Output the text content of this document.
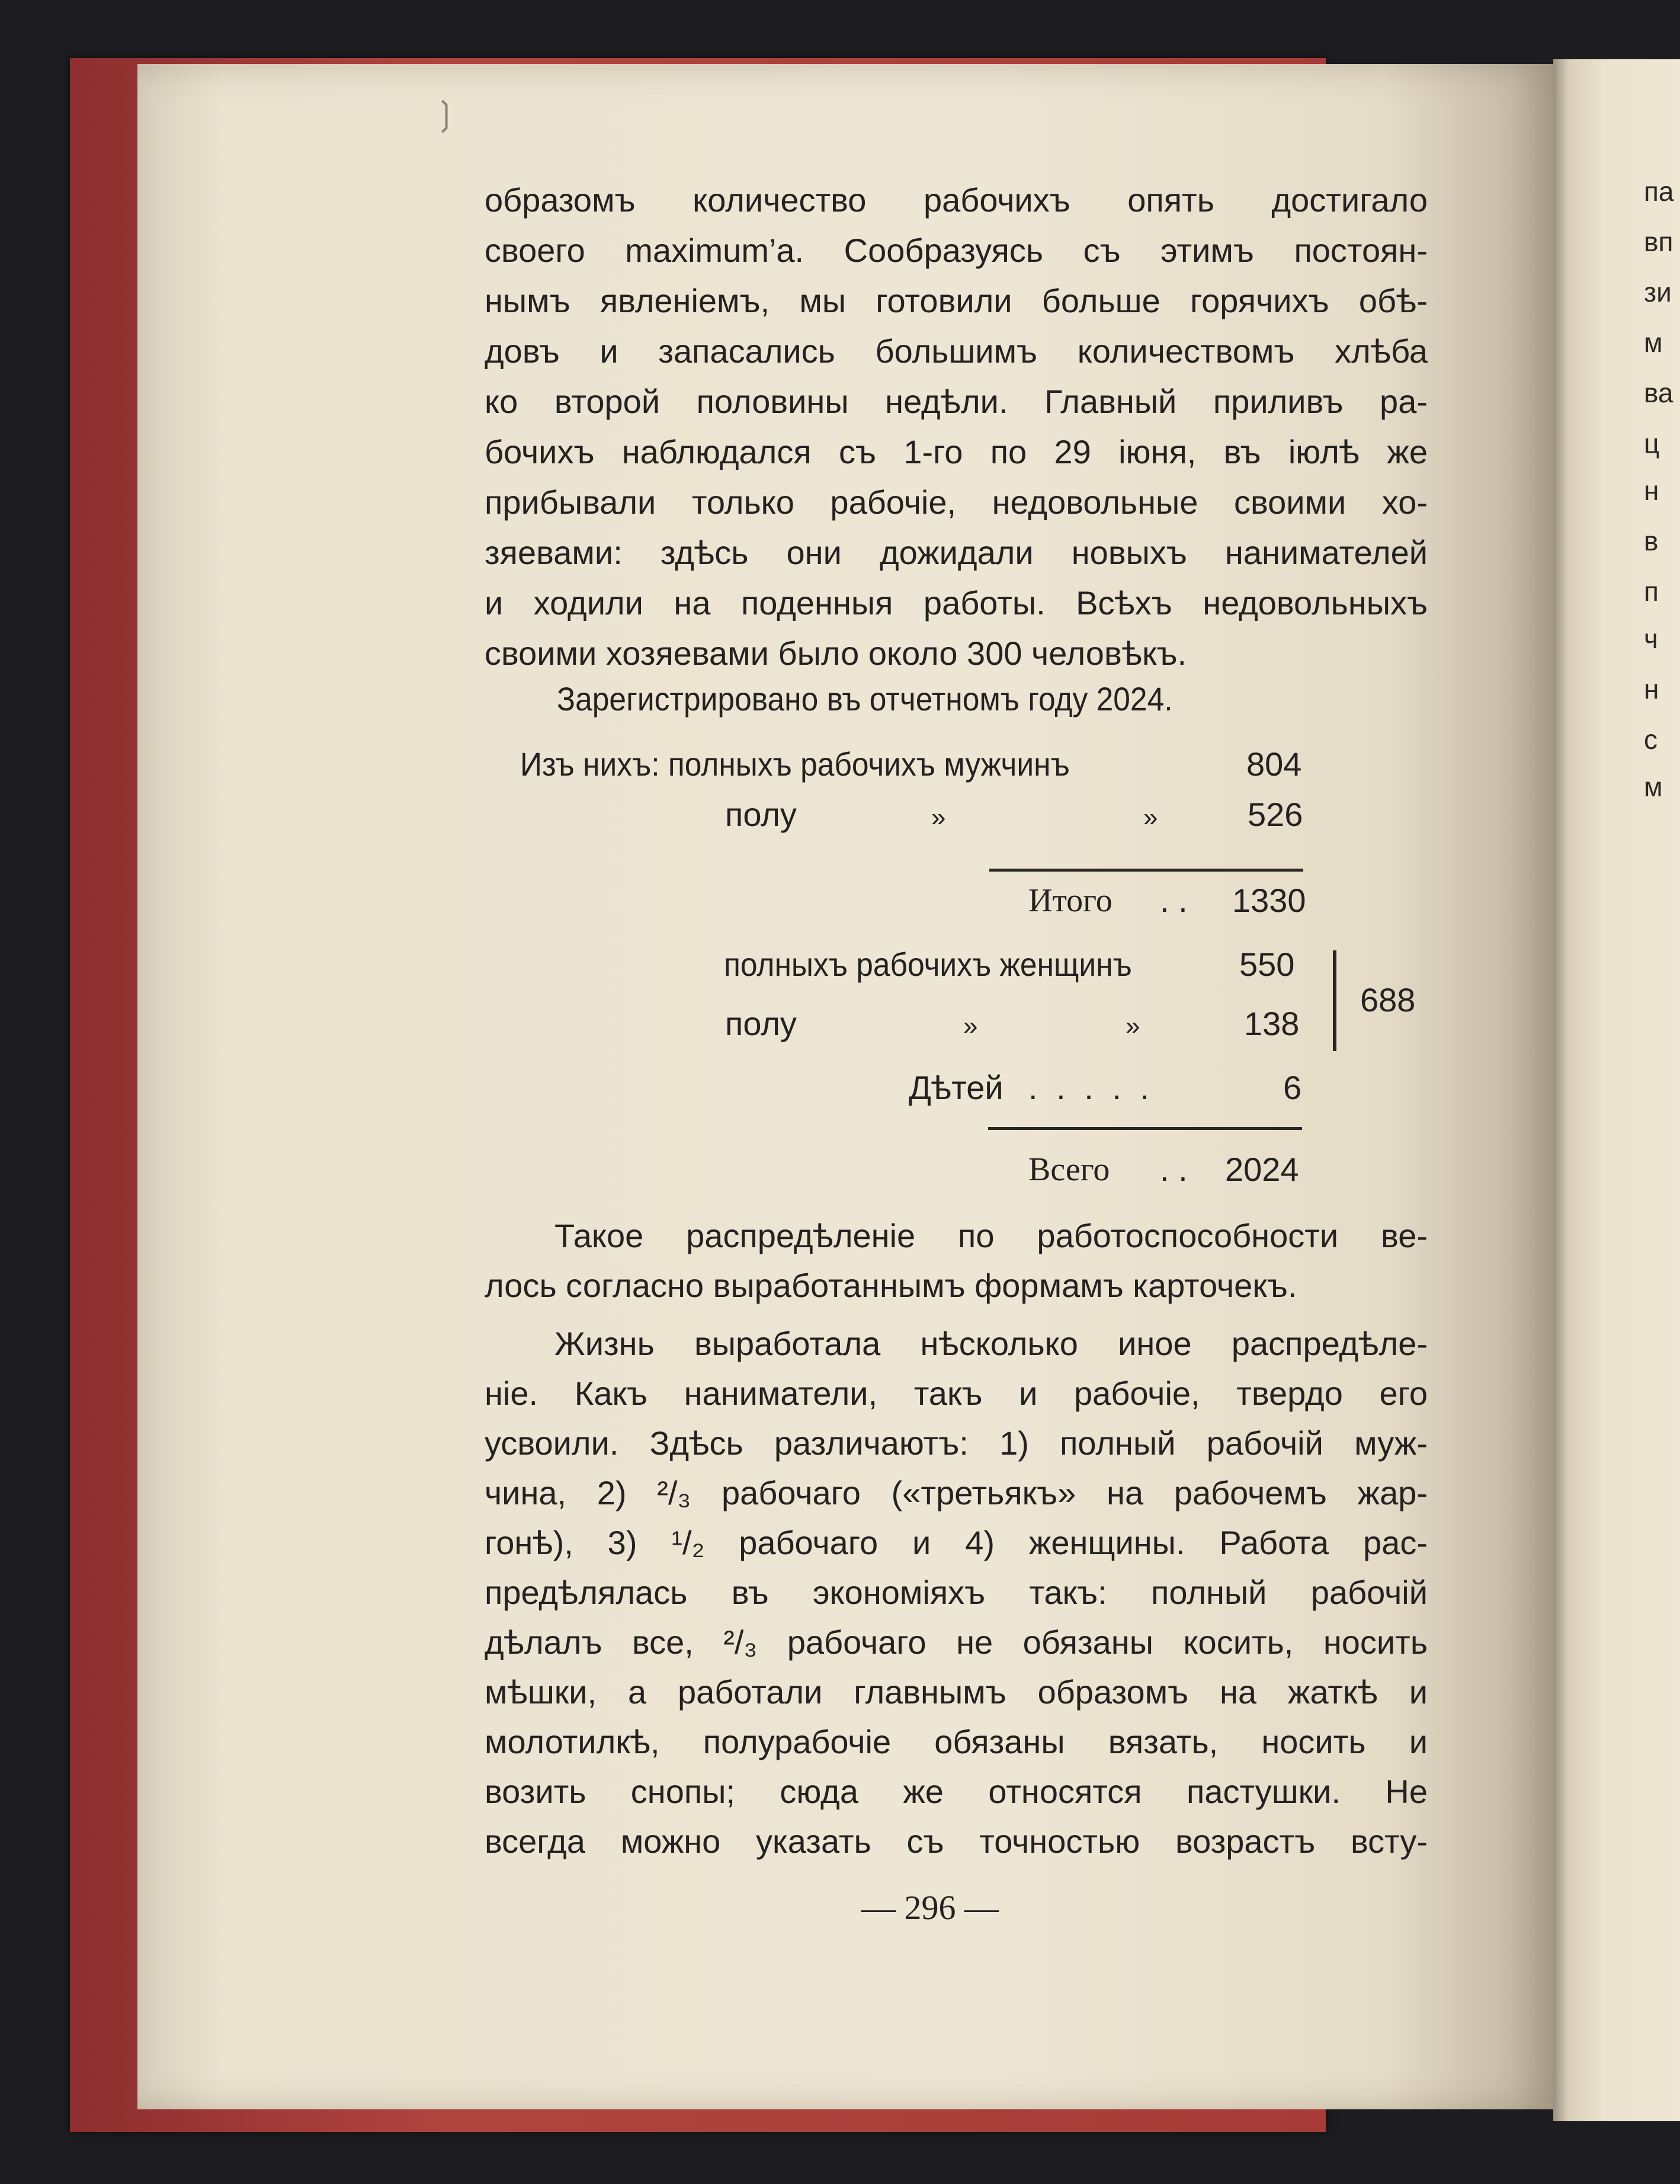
❳
образомъ количество рабочихъ опять достигало
своего maximum’a. Сообразуясь съ этимъ постоян-
нымъ явленіемъ, мы готовили больше горячихъ обѣ-
довъ и запасались большимъ количествомъ хлѣба
ко второй половины недѣли. Главный приливъ ра-
бочихъ наблюдался съ 1-го по 29 іюня, въ іюлѣ же
прибывали только рабочіе, недовольные своими хо-
зяевами: здѣсь они дожидали новыхъ нанимателей
и ходили на поденныя работы. Всѣхъ недовольныхъ
своими хозяевами было около 300 человѣкъ.
Зарегистрировано въ отчетномъ году 2024.
Изъ нихъ: полныхъ рабочихъ мужчинъ	804
полу	»	»	526
Итого . . 1330
полныхъ рабочихъ женщинъ	550
полу	»	»	138
688
Дѣтей . . . . .	6
Всего . . 2024
Такое распредѣленіе по работоспособности ве-
лось согласно выработаннымъ формамъ карточекъ.
Жизнь выработала нѣсколько иное распредѣле-
ніе. Какъ наниматели, такъ и рабочіе, твердо его
усвоили. Здѣсь различаютъ: 1) полный рабочій муж-
чина, 2) ²/₃ рабочаго («третьякъ» на рабочемъ жар-
гонѣ), 3) ¹/₂ рабочаго и 4) женщины. Работа рас-
предѣлялась въ экономіяхъ такъ: полный рабочій
дѣлалъ все, ²/₃ рабочаго не обязаны косить, носить
мѣшки, а работали главнымъ образомъ на жаткѣ и
молотилкѣ, полурабочіе обязаны вязать, носить и
возить снопы; сюда же относятся пастушки. Не
всегда можно указать съ точностью возрастъ всту-
— 296 —
па
вп
зи
м
ва
ц
н
в
п
ч
н
с
м
